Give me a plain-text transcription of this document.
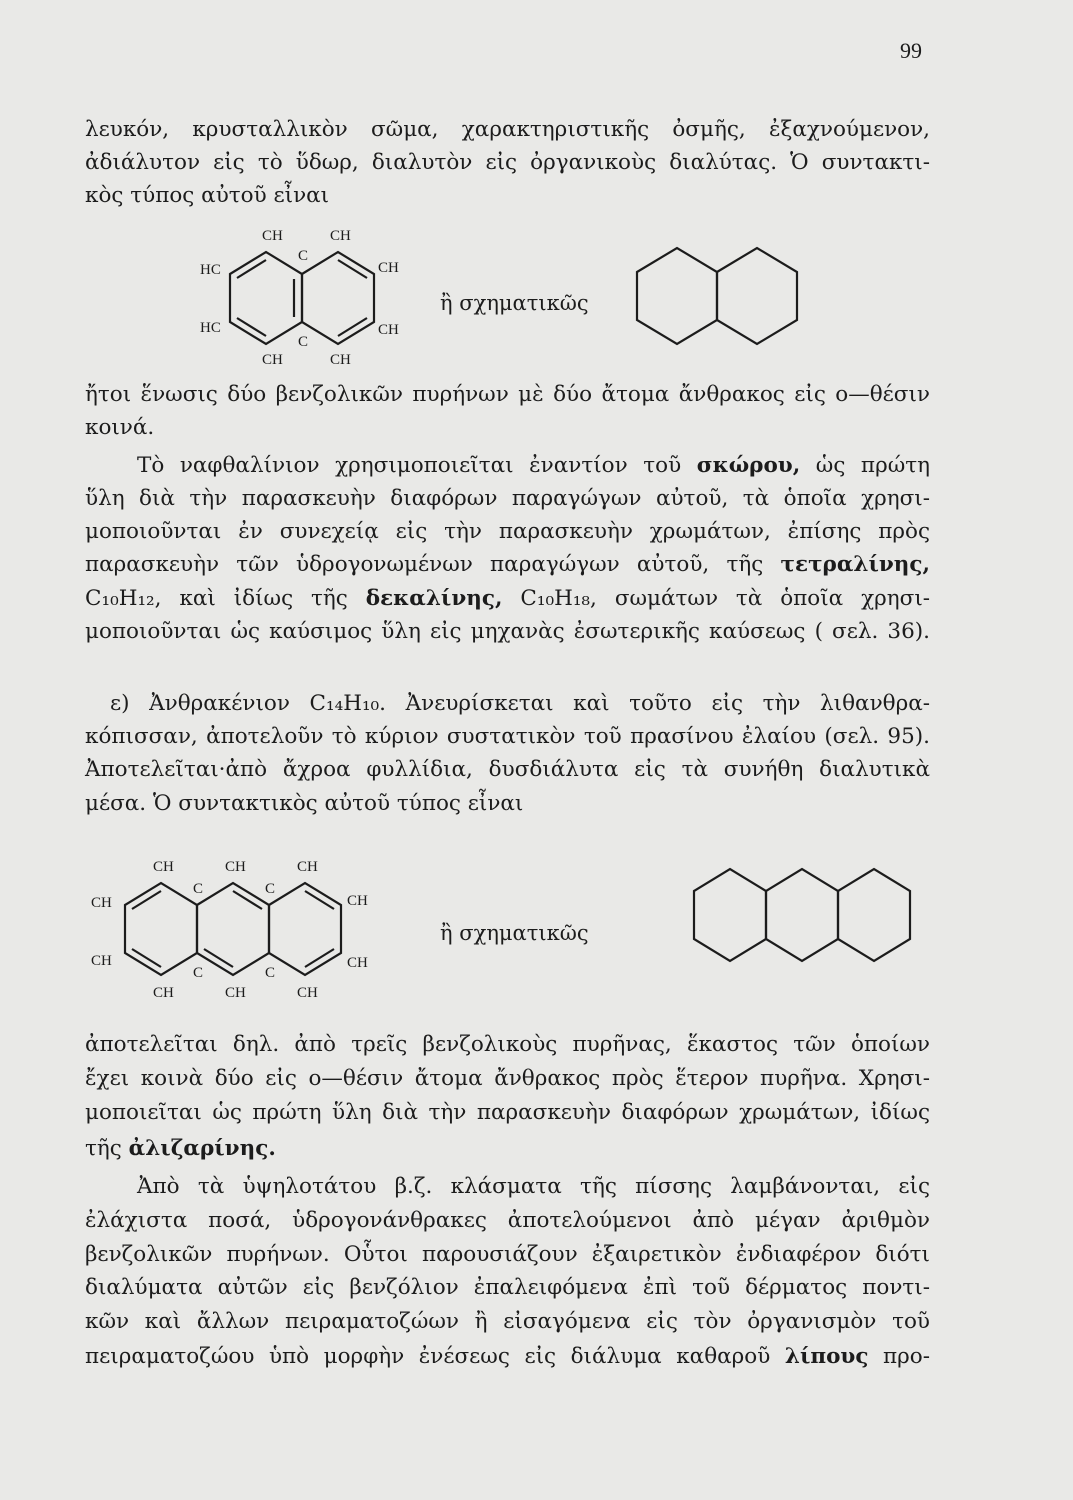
99
λευκόν, κρυσταλλικὸν σῶμα, χαρακτηριστικῆς ὀσμῆς, ἐξαχνούμενον,
ἀδιάλυτον εἰς τὸ ὕδωρ, διαλυτὸν εἰς ὀργανικοὺς διαλύτας. Ὁ συντακτι-
κὸς τύπος αὐτοῦ εἶναι
CH	CH
C
HC	CH
HC	CH
C
CH	CH
ἢ σχηματικῶς
ἤτοι ἕνωσις δύο βενζολικῶν πυρήνων μὲ δύο ἄτομα ἄνθρακος εἰς ο—θέσιν
κοινά.
Τὸ ναφθαλίνιον χρησιμοποιεῖται ἐναντίον τοῦ σκώρου, ὡς πρώτη
ὕλη διὰ τὴν παρασκευὴν διαφόρων παραγώγων αὐτοῦ, τὰ ὁποῖα χρησι-
μοποιοῦνται ἐν συνεχείᾳ εἰς τὴν παρασκευὴν χρωμάτων, ἐπίσης πρὸς
παρασκευὴν τῶν ὑδρογονωμένων παραγώγων αὐτοῦ, τῆς τετραλίνης,
C₁₀H₁₂, καὶ ἰδίως τῆς δεκαλίνης, C₁₀H₁₈, σωμάτων τὰ ὁποῖα χρησι-
μοποιοῦνται ὡς καύσιμος ὕλη εἰς μηχανὰς ἐσωτερικῆς καύσεως ( σελ. 36).
ε) Ἀνθρακένιον C₁₄H₁₀. Ἀνευρίσκεται καὶ τοῦτο εἰς τὴν λιθανθρα-
κόπισσαν, ἀποτελοῦν τὸ κύριον συστατικὸν τοῦ πρασίνου ἐλαίου (σελ. 95).
Ἀποτελεῖται·ἀπὸ ἄχροα φυλλίδια, δυσδιάλυτα εἰς τὰ συνήθη διαλυτικὰ
μέσα. Ὁ συντακτικὸς αὐτοῦ τύπος εἶναι
CH	CH	CH
C	C
CH	CH
CH	CH
C	C
CH	CH	CH
ἢ σχηματικῶς
ἀποτελεῖται δηλ. ἀπὸ τρεῖς βενζολικοὺς πυρῆνας, ἕκαστος τῶν ὁποίων
ἔχει κοινὰ δύο εἰς ο—θέσιν ἄτομα ἄνθρακος πρὸς ἕτερον πυρῆνα. Χρησι-
μοποιεῖται ὡς πρώτη ὕλη διὰ τὴν παρασκευὴν διαφόρων χρωμάτων, ἰδίως
τῆς ἀλιζαρίνης.
Ἀπὸ τὰ ὑψηλοτάτου β.ζ. κλάσματα τῆς πίσσης λαμβάνονται, εἰς
ἐλάχιστα ποσά, ὑδρογονάνθρακες ἀποτελούμενοι ἀπὸ μέγαν ἀριθμὸν
βενζολικῶν πυρήνων. Οὗτοι παρουσιάζουν ἐξαιρετικὸν ἐνδιαφέρον διότι
διαλύματα αὐτῶν εἰς βενζόλιον ἐπαλειφόμενα ἐπὶ τοῦ δέρματος ποντι-
κῶν καὶ ἄλλων πειραματοζώων ἢ εἰσαγόμενα εἰς τὸν ὀργανισμὸν τοῦ
πειραματοζώου ὑπὸ μορφὴν ἐνέσεως εἰς διάλυμα καθαροῦ λίπους προ-
